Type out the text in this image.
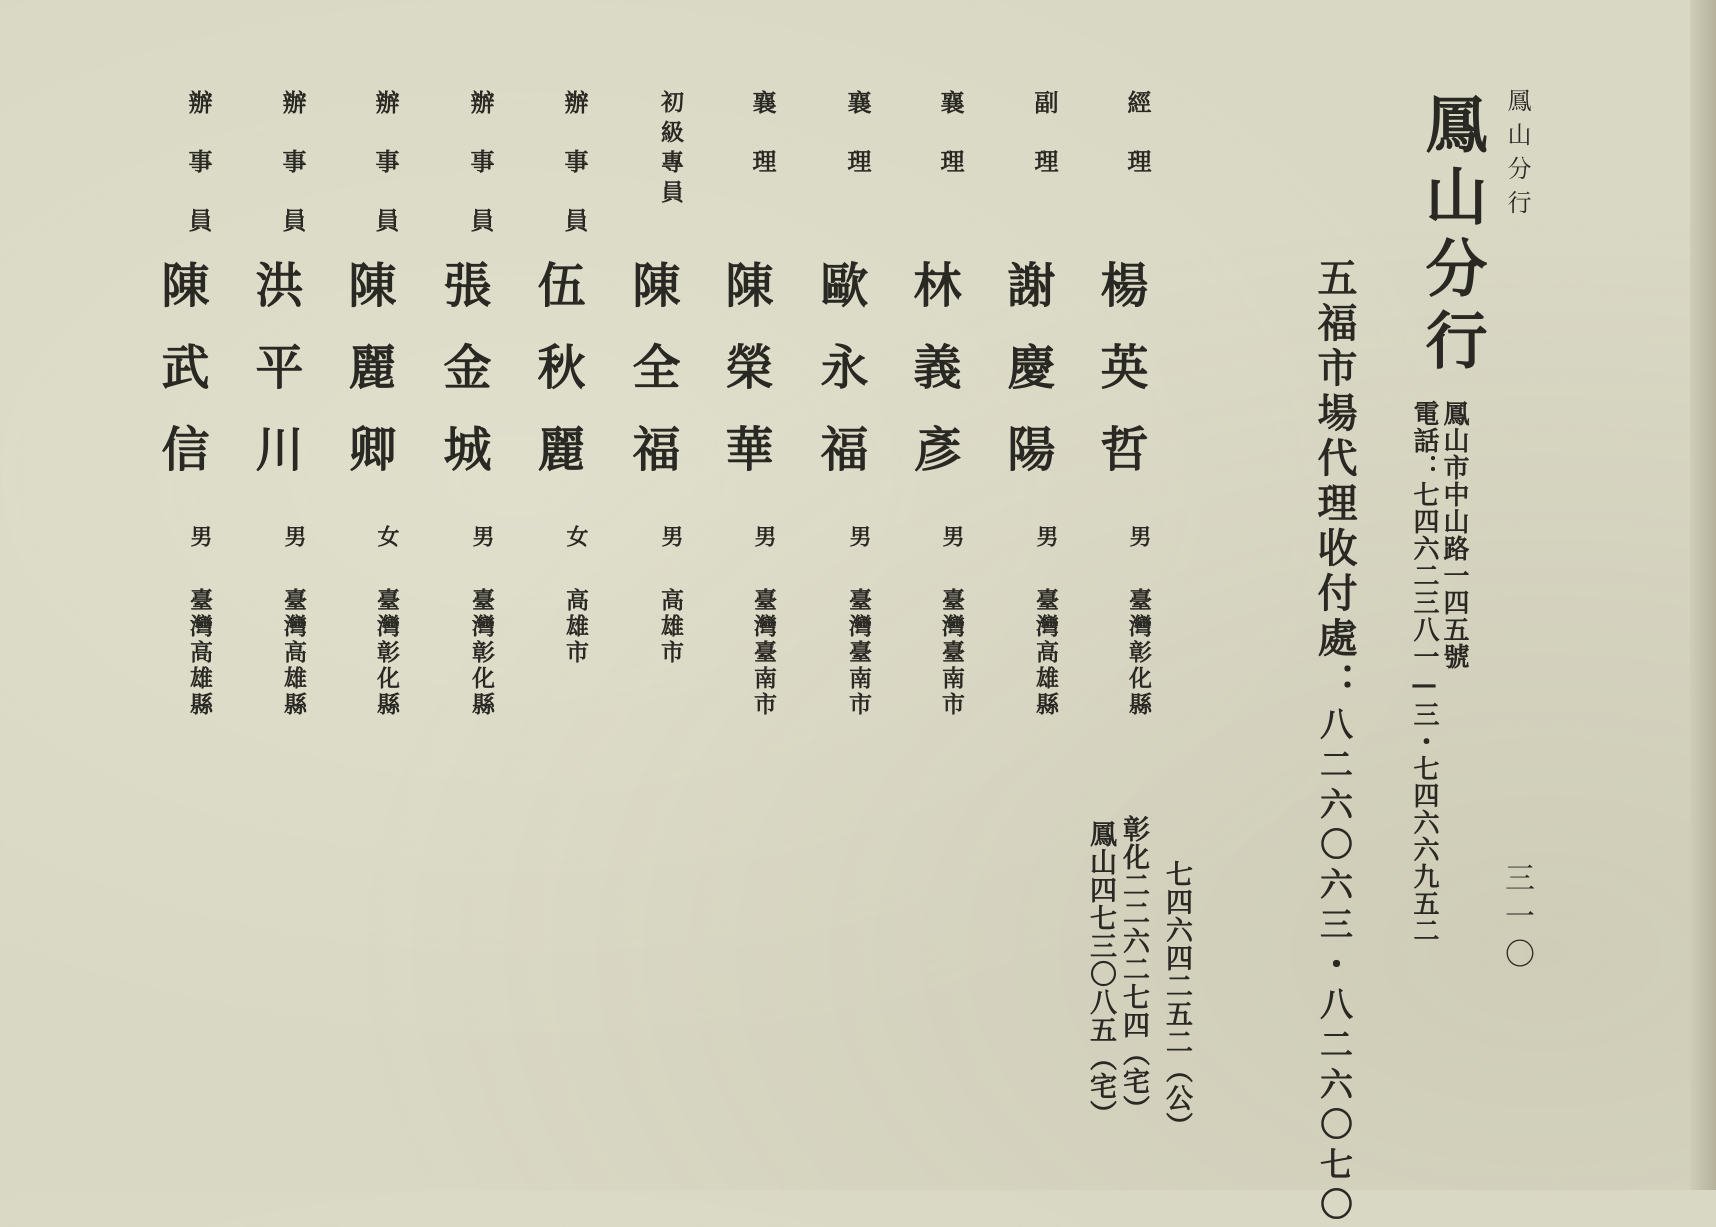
鳳山分行
三一〇
鳳山分行
鳳山市中山路一四五號
電話：七四六二三八一—三・七四六六九五二
五福市場代理收付處：八二六〇六三・八二六〇七〇
七四六四二五二（公）
彰化二二六二七四（宅）
鳳山四七三〇八五（宅）
經理
楊英哲
男
臺灣彰化縣
副理
謝慶陽
男
臺灣高雄縣
襄理
林義彥
男
臺灣臺南市
襄理
歐永福
男
臺灣臺南市
襄理
陳榮華
男
臺灣臺南市
初級專員
陳全福
男
高雄市
辦事員
伍秋麗
女
高雄市
辦事員
張金城
男
臺灣彰化縣
辦事員
陳麗卿
女
臺灣彰化縣
辦事員
洪平川
男
臺灣高雄縣
辦事員
陳武信
男
臺灣高雄縣
